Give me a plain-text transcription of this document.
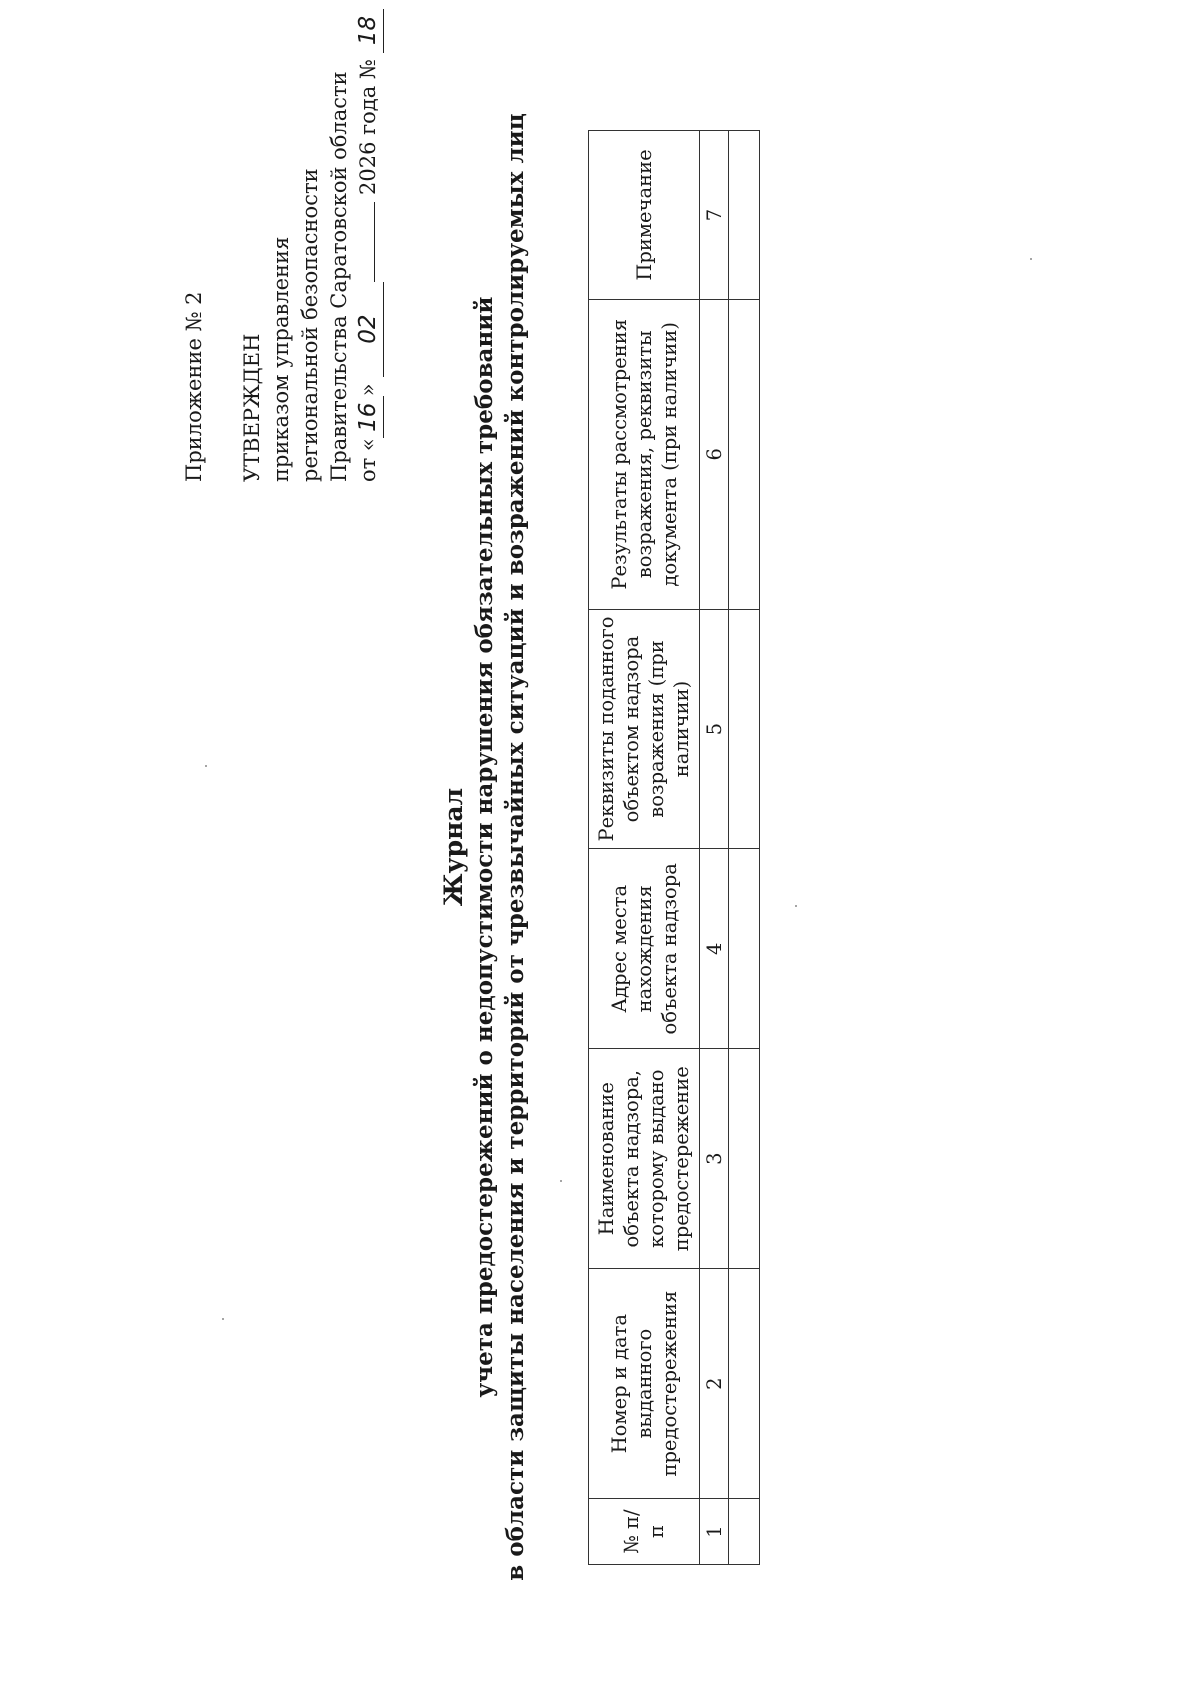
Приложение № 2 УТВЕРЖДЕН приказом управления региональной безопасности Правительства Саратовской области от «16» 02 2026 года № 18
Журнал учета предостережений о недопустимости нарушения обязательных требований в области защиты населения и территорий от чрезвычайных ситуаций и возражений контролируемых лиц	№ п/п	Номер и дата выданного предостережения	Наименование объекта надзора, которому выдано предостережение	Адрес места нахождения объекта надзора	Реквизиты поданного объектом надзора возражения (при наличии)	Результаты рассмотрения возражения, реквизиты документа (при наличии)	Примечание
1	2	3	4	5	6	7
